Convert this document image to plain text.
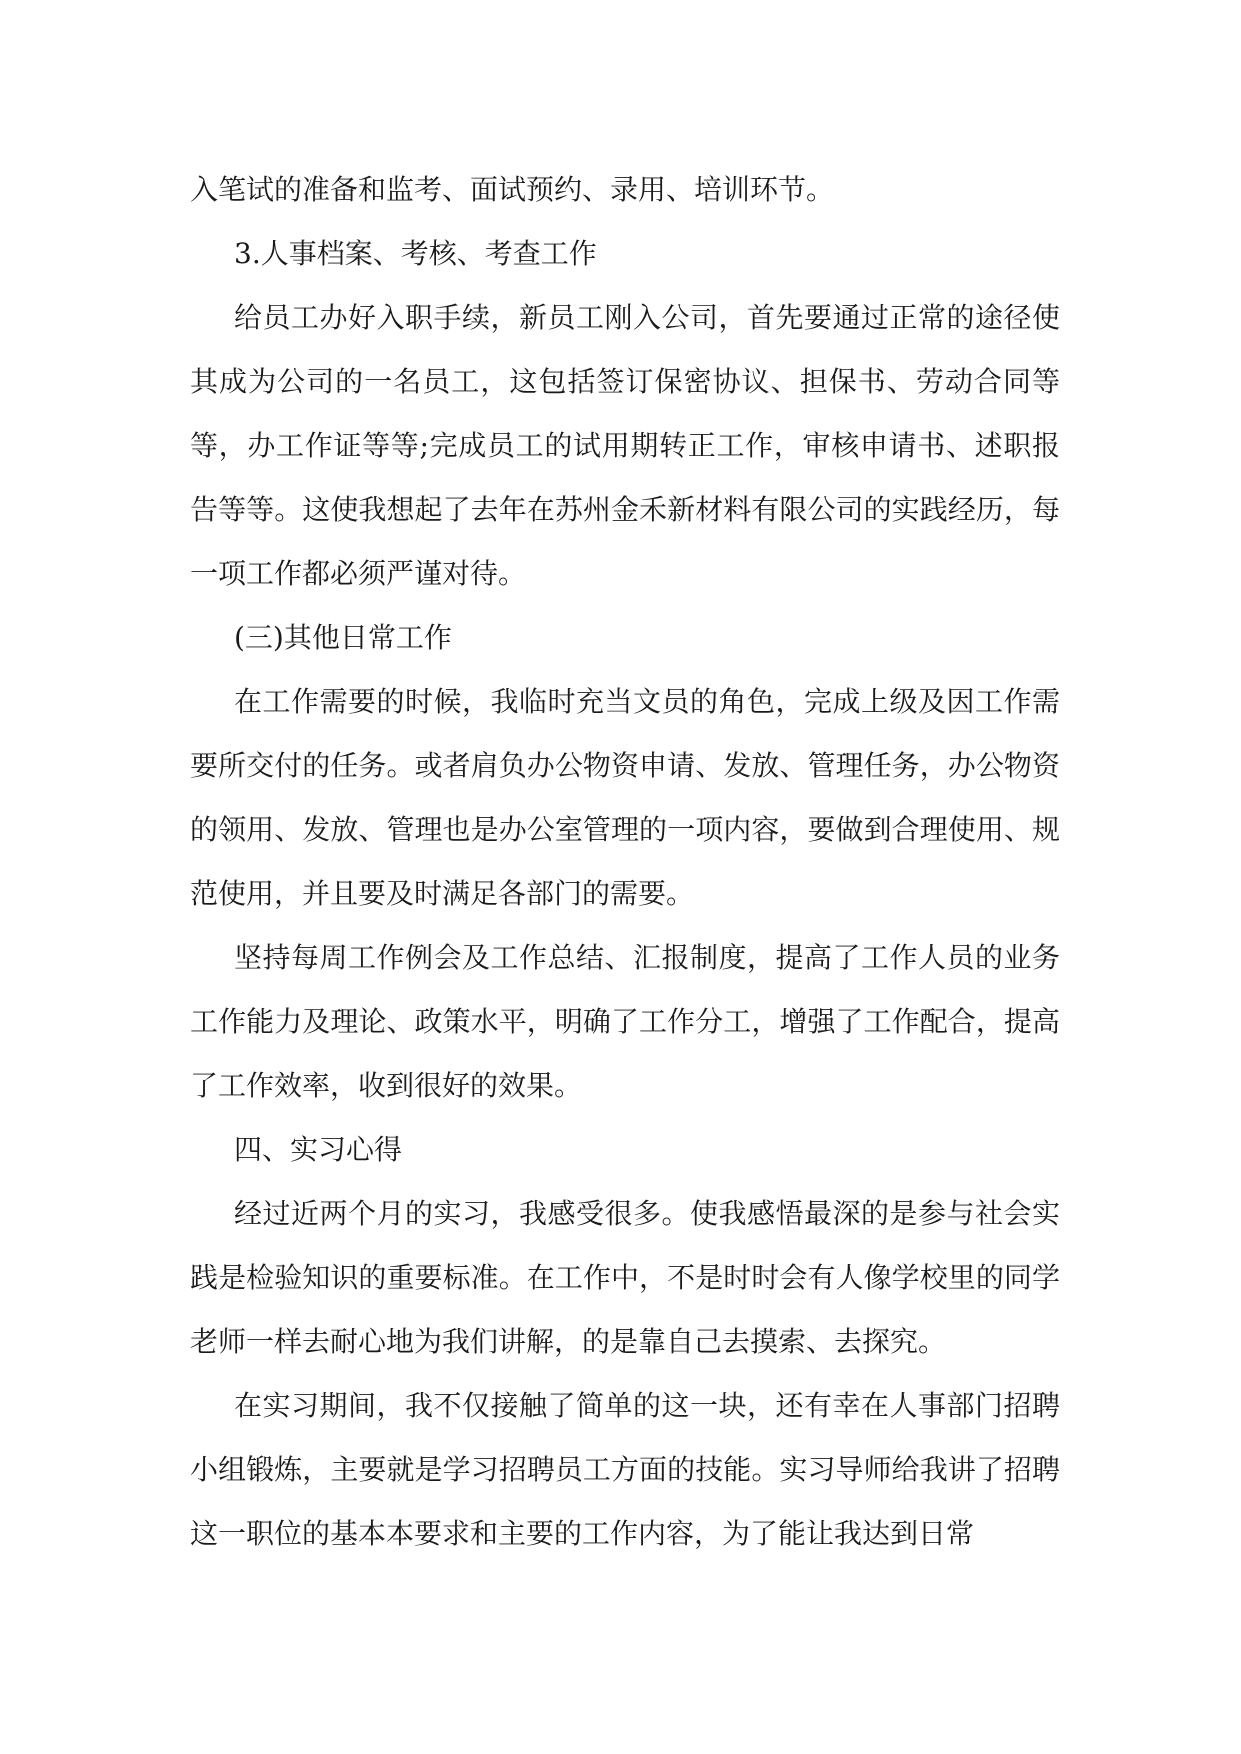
入笔试的准备和监考、面试预约、录用、培训环节。

3.人事档案、考核、考查工作

给员工办好入职手续，新员工刚入公司，首先要通过正常的途径使其成为公司的一名员工，这包括签订保密协议、担保书、劳动合同等等，办工作证等等;完成员工的试用期转正工作，审核申请书、述职报告等等。这使我想起了去年在苏州金禾新材料有限公司的实践经历，每一项工作都必须严谨对待。

(三)其他日常工作

在工作需要的时候，我临时充当文员的角色，完成上级及因工作需要所交付的任务。或者肩负办公物资申请、发放、管理任务，办公物资的领用、发放、管理也是办公室管理的一项内容，要做到合理使用、规范使用，并且要及时满足各部门的需要。

坚持每周工作例会及工作总结、汇报制度，提高了工作人员的业务工作能力及理论、政策水平，明确了工作分工，增强了工作配合，提高了工作效率，收到很好的效果。

四、实习心得

经过近两个月的实习，我感受很多。使我感悟最深的是参与社会实践是检验知识的重要标准。在工作中，不是时时会有人像学校里的同学老师一样去耐心地为我们讲解，的是靠自己去摸索、去探究。

在实习期间，我不仅接触了简单的这一块，还有幸在人事部门招聘小组锻炼，主要就是学习招聘员工方面的技能。实习导师给我讲了招聘这一职位的基本本要求和主要的工作内容，为了能让我达到日常
